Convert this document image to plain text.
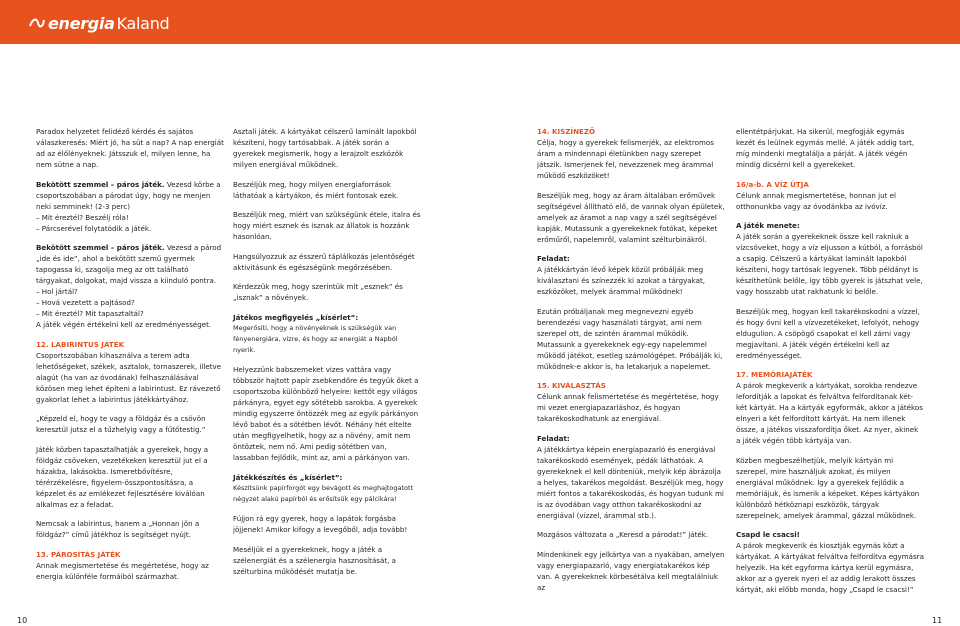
energia Kaland

Paradox helyzetet felidéző kérdés és sajátos válaszkeresés: Miért jó, ha süt a nap? A nap energiát ad az élőlényeknek. Játsszuk el, milyen lenne, ha nem sütne a nap.

Bekötött szemmel – páros játék. Vezesd körbe a csoportszobában a párodat úgy, hogy ne menjen neki semminek! (2-3 perc)

– Mit éreztél? Beszélj róla!

– Párcserével folytatódik a játék.

Bekötött szemmel – páros játék. Vezesd a párod „ide és ide”, ahol a bekötött szemű gyermek tapogassa ki, szagolja meg az ott található tárgyakat, dolgokat, majd vissza a kiinduló pontra.

– Hol jártál?

– Hová vezetett a pajtásod?

– Mit éreztél? Mit tapasztaltál?

A játék végén értékelni kell az eredményességet.

12. LABIRINTUS JÁTÉK

Csoportszobában kihasználva a terem adta lehetőségeket, székek, asztalok, tornaszerek, illetve alagút (ha van az óvodának) felhasználásával közösen meg lehet építeni a labirintust. Ez rávezető gyakorlat lehet a labirintus játékkártyához.

„Képzeld el, hogy te vagy a földgáz és a csövön keresztül jutsz el a tűzhelyig vagy a fűtőtestig.”

Játék közben tapasztalhatják a gyerekek, hogy a földgáz csöveken, vezetékeken keresztül jut el a házakba, lakásokba. Ismeretbővítésre, térérzékelésre, figyelem-összpontosításra, a képzelet és az emlékezet fejlesztésére kiválóan alkalmas ez a feladat.

Nemcsak a labirintus, hanem a „Honnan jön a földgáz?” című játékhoz is segítséget nyújt.

13. PÁROSÍTÁS JÁTÉK

Annak megismertetése és megértetése, hogy az energia különféle formáiból származhat.

Asztali játék. A kártyákat célszerű laminált lapokból készíteni, hogy tartósabbak. A játék során a gyerekek megismerik, hogy a lerajzolt eszközök milyen energiával működnek.

Beszéljük meg, hogy milyen energiaforrások láthatóak a kártyákon, és miért fontosak ezek.

Beszéljük meg, miért van szükségünk étele, italra és hogy miért esznek és isznak az állatok is hozzánk hasonlóan.

Hangsúlyozzuk az ésszerű táplálkozás jelentőségét aktivitásunk és egészségünk megőrzésében.

Kérdezzük meg, hogy szerintük mit „esznek” és „isznak” a növények.

Játékos megfigyelés „kísérlet”:

Megerősíti, hogy a növényeknek is szükségük van fényenergiára, vízre, és hogy az energiát a Napból nyerik.

Helyezzünk babszemeket vizes vattára vagy többször hajtott papír zsebkendőre és tegyük őket a csoportszoba különböző helyeire: kettőt egy világos párkányra, egyet egy sötétebb sarokba. A gyerekek mindig egyszerre öntözzék meg az egyik párkányon lévő babot és a sötétben lévőt. Néhány hét eltelte után megfigyelhetik, hogy az a növény, amit nem öntöztek, nem nő. Ami pedig sötétben van, lassabban fejlődik, mint az, ami a párkányon van.

Játékkészítés és „kísérlet”:

Készítsünk papírforgót egy bevágott és meghajtogatott négyzet alakú papírból és erősítsük egy pálcikára!

Fújjon rá egy gyerek, hogy a lapátok forgásba jöjjenek! Amikor kifogy a levegőből, adja tovább!

Meséljük el a gyerekeknek, hogy a játék a szélenergiát és a szélenergia hasznosítását, a szélturbina működését mutatja be.

14. KISZÍNEZŐ

Célja, hogy a gyerekek felismerjék, az elektromos áram a mindennapi életünkben nagy szerepet játszik. Ismerjenek fel, nevezzenek meg árammal működő eszközöket!

Beszéljük meg, hogy az áram általában erőművek segítségével állítható elő, de vannak olyan épületek, amelyek az áramot a nap vagy a szél segítségével kapják. Mutassunk a gyerekeknek fotókat, képeket erőműről, napelemről, valamint szélturbinákról.

Feladat:

A játékkártyán lévő képek közül próbálják meg kiválasztani és színezzék ki azokat a tárgyakat, eszközöket, melyek árammal működnek!

Ezután próbáljanak meg megnevezni egyéb berendezési vagy használati tárgyat, ami nem szerepel ott, de szintén árammal működik. Mutassunk a gyerekeknek egy-egy napelemmel működő játékot, esetleg számológépet. Próbálják ki, működnek-e akkor is, ha letakarjuk a napelemet.

15. KIVÁLASZTÁS

Célunk annak felismertetése és megértetése, hogy mi vezet energiapazarláshoz, és hogyan takarékoskodhatunk az energiával.

Feladat:

A játékkártya képein energiapazarló és energiával takarékoskodó események, pédák láthatóak. A gyerekeknek el kell dönteniük, melyik kép ábrázolja a helyes, takarékos megoldást. Beszéljük meg, hogy miért fontos a takarékoskodás, és hogyan tudunk mi is az óvodában vagy otthon takarékoskodni az energiával (vízzel, árammal stb.).

Mozgásos változata a „Keresd a párodat!” játék.

Mindenkinek egy jelkártya van a nyakában, amelyen vagy energiapazarló, vagy energiatakarékos kép van. A gyerekeknek körbesétálva kell megtalálniuk az

ellentétpárjukat. Ha sikerül, megfogják egymás kezét és leülnek egymás mellé. A játék addig tart, míg mindenki megtalálja a párját. A játék végén mindig dicsérni kell a gyerekeket.

16/a-b. A VÍZ ÚTJA

Célunk annak megismertetése, honnan jut el otthonunkba vagy az óvodánkba az ivóvíz.

A játék menete:

A játék során a gyerekeknek össze kell rakniuk a vízcsöveket, hogy a víz eljusson a kútból, a forrásból a csapig. Célszerű a kártyákat laminált lapokból készíteni, hogy tartósak legyenek. Több példányt is készíthetünk belőle, így több gyerek is játszhat vele, vagy hosszabb utat rakhatunk ki belőle.

Beszéljük meg, hogyan kell takarékoskodni a vízzel, és hogy ővni kell a vízvezetékeket, lefolyót, nehogy eldugulion. A csöpögő csapokat el kell zárni vagy megjavítani. A játék végén értékelni kell az eredményességet.

17. MEMÓRIAJÁTÉK

A párok megkeverik a kártyákat, sorokba rendezve lefordítják a lapokat és felváltva felfordítanak két-két kártyát. Ha a kártyák egyformák, akkor a játékos elnyeri a két felfordított kártyát. Ha nem illenek össze, a játékos visszafordítja őket. Az nyer, akinek a játék végén több kártyája van.

Közben megbeszélhetjük, melyik kártyán mi szerepel, mire használjuk azokat, és milyen energiával működnek. Így a gyerekek fejlődik a memóriájuk, és ismerik a képeket. Képes kártyákon különböző hétköznapi eszközök, tárgyak szerepelnek, amelyek árammal, gázzal működnek.

Csapd le csacsi!

A párok megkeverik és kiosztják egymás közt a kártyákat. A kártyákat felváltva felfordítva egymásra helyezik. Ha két egyforma kártya kerül egymásra, akkor az a gyerek nyeri el az addig lerakott összes kártyát, aki előbb monda, hogy „Csapd le csacsi!”

10	11
